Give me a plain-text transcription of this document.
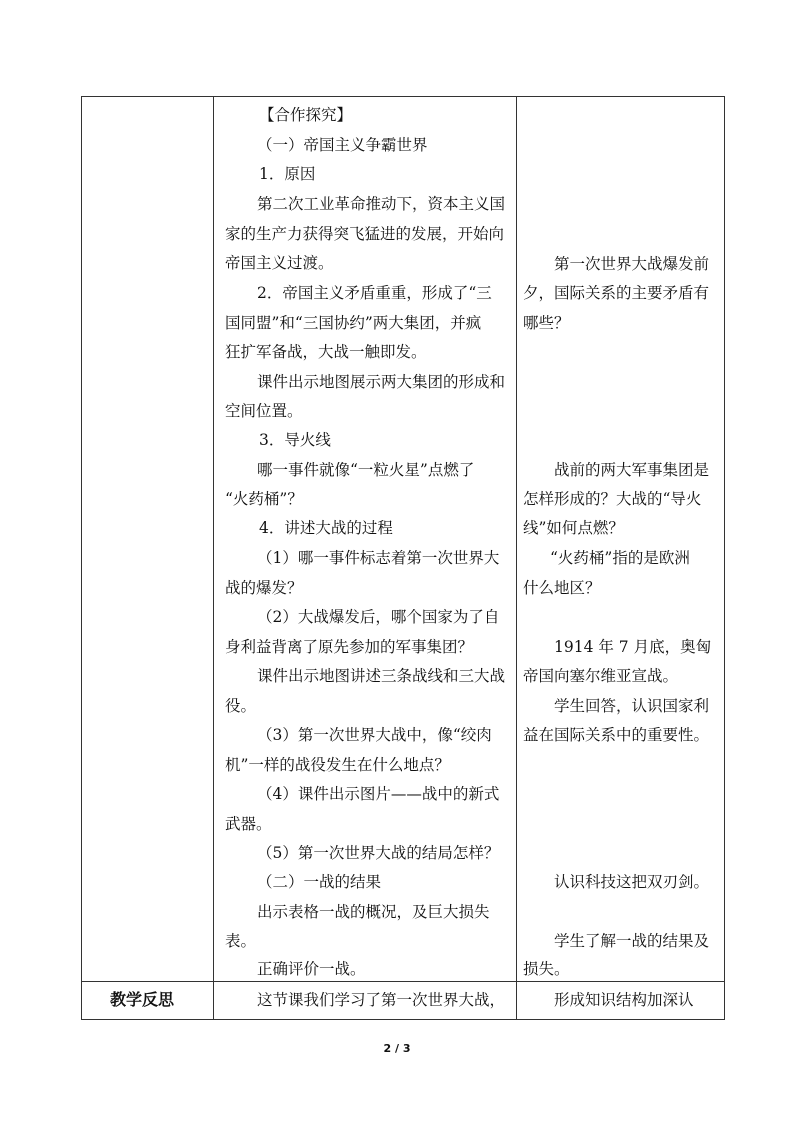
【合作探究】
（一）帝国主义争霸世界
1．原因
第二次工业革命推动下，资本主义国
家的生产力获得突飞猛进的发展，开始向
帝国主义过渡。
2．帝国主义矛盾重重，形成了“三
国同盟”和“三国协约”两大集团，并疯
狂扩军备战，大战一触即发。
课件出示地图展示两大集团的形成和
空间位置。
3．导火线
哪一事件就像“一粒火星”点燃了
“火药桶”？
4．讲述大战的过程
（1）哪一事件标志着第一次世界大
战的爆发？
（2）大战爆发后，哪个国家为了自
身利益背离了原先参加的军事集团？
课件出示地图讲述三条战线和三大战
役。
（3）第一次世界大战中，像“绞肉
机”一样的战役发生在什么地点？
（4）课件出示图片——战中的新式
武器。
（5）第一次世界大战的结局怎样？
（二）一战的结果
出示表格一战的概况，及巨大损失
表。
正确评价一战。
第一次世界大战爆发前
夕，国际关系的主要矛盾有
哪些？
战前的两大军事集团是
怎样形成的？大战的“导火
线”如何点燃？
“火药桶”指的是欧洲
什么地区？
1914 年 7 月底，奥匈
帝国向塞尔维亚宣战。
学生回答，认识国家利
益在国际关系中的重要性。
认识科技这把双刃剑。
学生了解一战的结果及
损失。
教学反思	这节课我们学习了第一次世界大战，	形成知识结构加深认
2 / 3
